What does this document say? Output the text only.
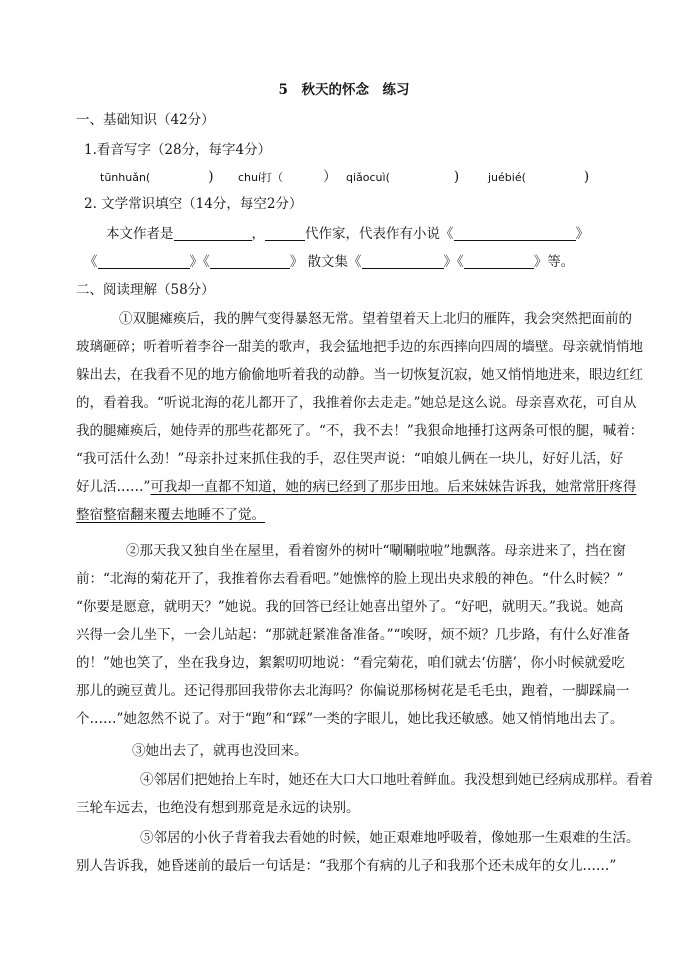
5　秋天的怀念　练习
一、基础知识（42分）
1.看音写字（28分，每字4分）
tūnhuǎn(	) chuí打（	） qiǎocuì(	)	juébié(	)
2. 文学常识填空（14分，每空2分）
本文作者是	，	代作家，代表作有小说《	》
《	》《	》 散文集《	》《	》等。
二、阅读理解（58分）
①双腿瘫痪后，我的脾气变得暴怒无常。望着望着天上北归的雁阵，我会突然把面前的
玻璃砸碎；听着听着李谷一甜美的歌声，我会猛地把手边的东西摔向四周的墙壁。母亲就悄悄地
躲出去，在我看不见的地方偷偷地听着我的动静。当一切恢复沉寂，她又悄悄地进来，眼边红红
的，看着我。“听说北海的花儿都开了，我推着你去走走。”她总是这么说。母亲喜欢花，可自从
我的腿瘫痪后，她侍弄的那些花都死了。“不，我不去！”我狠命地捶打这两条可恨的腿，喊着：
“我可活什么劲！”母亲扑过来抓住我的手，忍住哭声说：“咱娘儿俩在一块儿，好好儿活，好
好儿活……”可我却一直都不知道，她的病已经到了那步田地。后来妹妹告诉我，她常常肝疼得
整宿整宿翻来覆去地睡不了觉。
②那天我又独自坐在屋里，看着窗外的树叶“唰唰啦啦”地飘落。母亲进来了，挡在窗
前：“北海的菊花开了，我推着你去看看吧。”她憔悴的脸上现出央求般的神色。“什么时候？”
“你要是愿意，就明天？”她说。我的回答已经让她喜出望外了。“好吧，就明天。”我说。她高
兴得一会儿坐下，一会儿站起：“那就赶紧准备准备。”“唉呀，烦不烦？几步路，有什么好准备
的！”她也笑了，坐在我身边，絮絮叨叨地说：“看完菊花，咱们就去‘仿膳’，你小时候就爱吃
那儿的豌豆黄儿。还记得那回我带你去北海吗？你偏说那杨树花是毛毛虫，跑着，一脚踩扁一
个……”她忽然不说了。对于“跑”和“踩”一类的字眼儿，她比我还敏感。她又悄悄地出去了。
③她出去了，就再也没回来。
④邻居们把她抬上车时，她还在大口大口地吐着鲜血。我没想到她已经病成那样。看着
三轮车远去，也绝没有想到那竟是永远的诀别。
⑤邻居的小伙子背着我去看她的时候，她正艰难地呼吸着，像她那一生艰难的生活。
别人告诉我，她昏迷前的最后一句话是：“我那个有病的儿子和我那个还未成年的女儿……”
